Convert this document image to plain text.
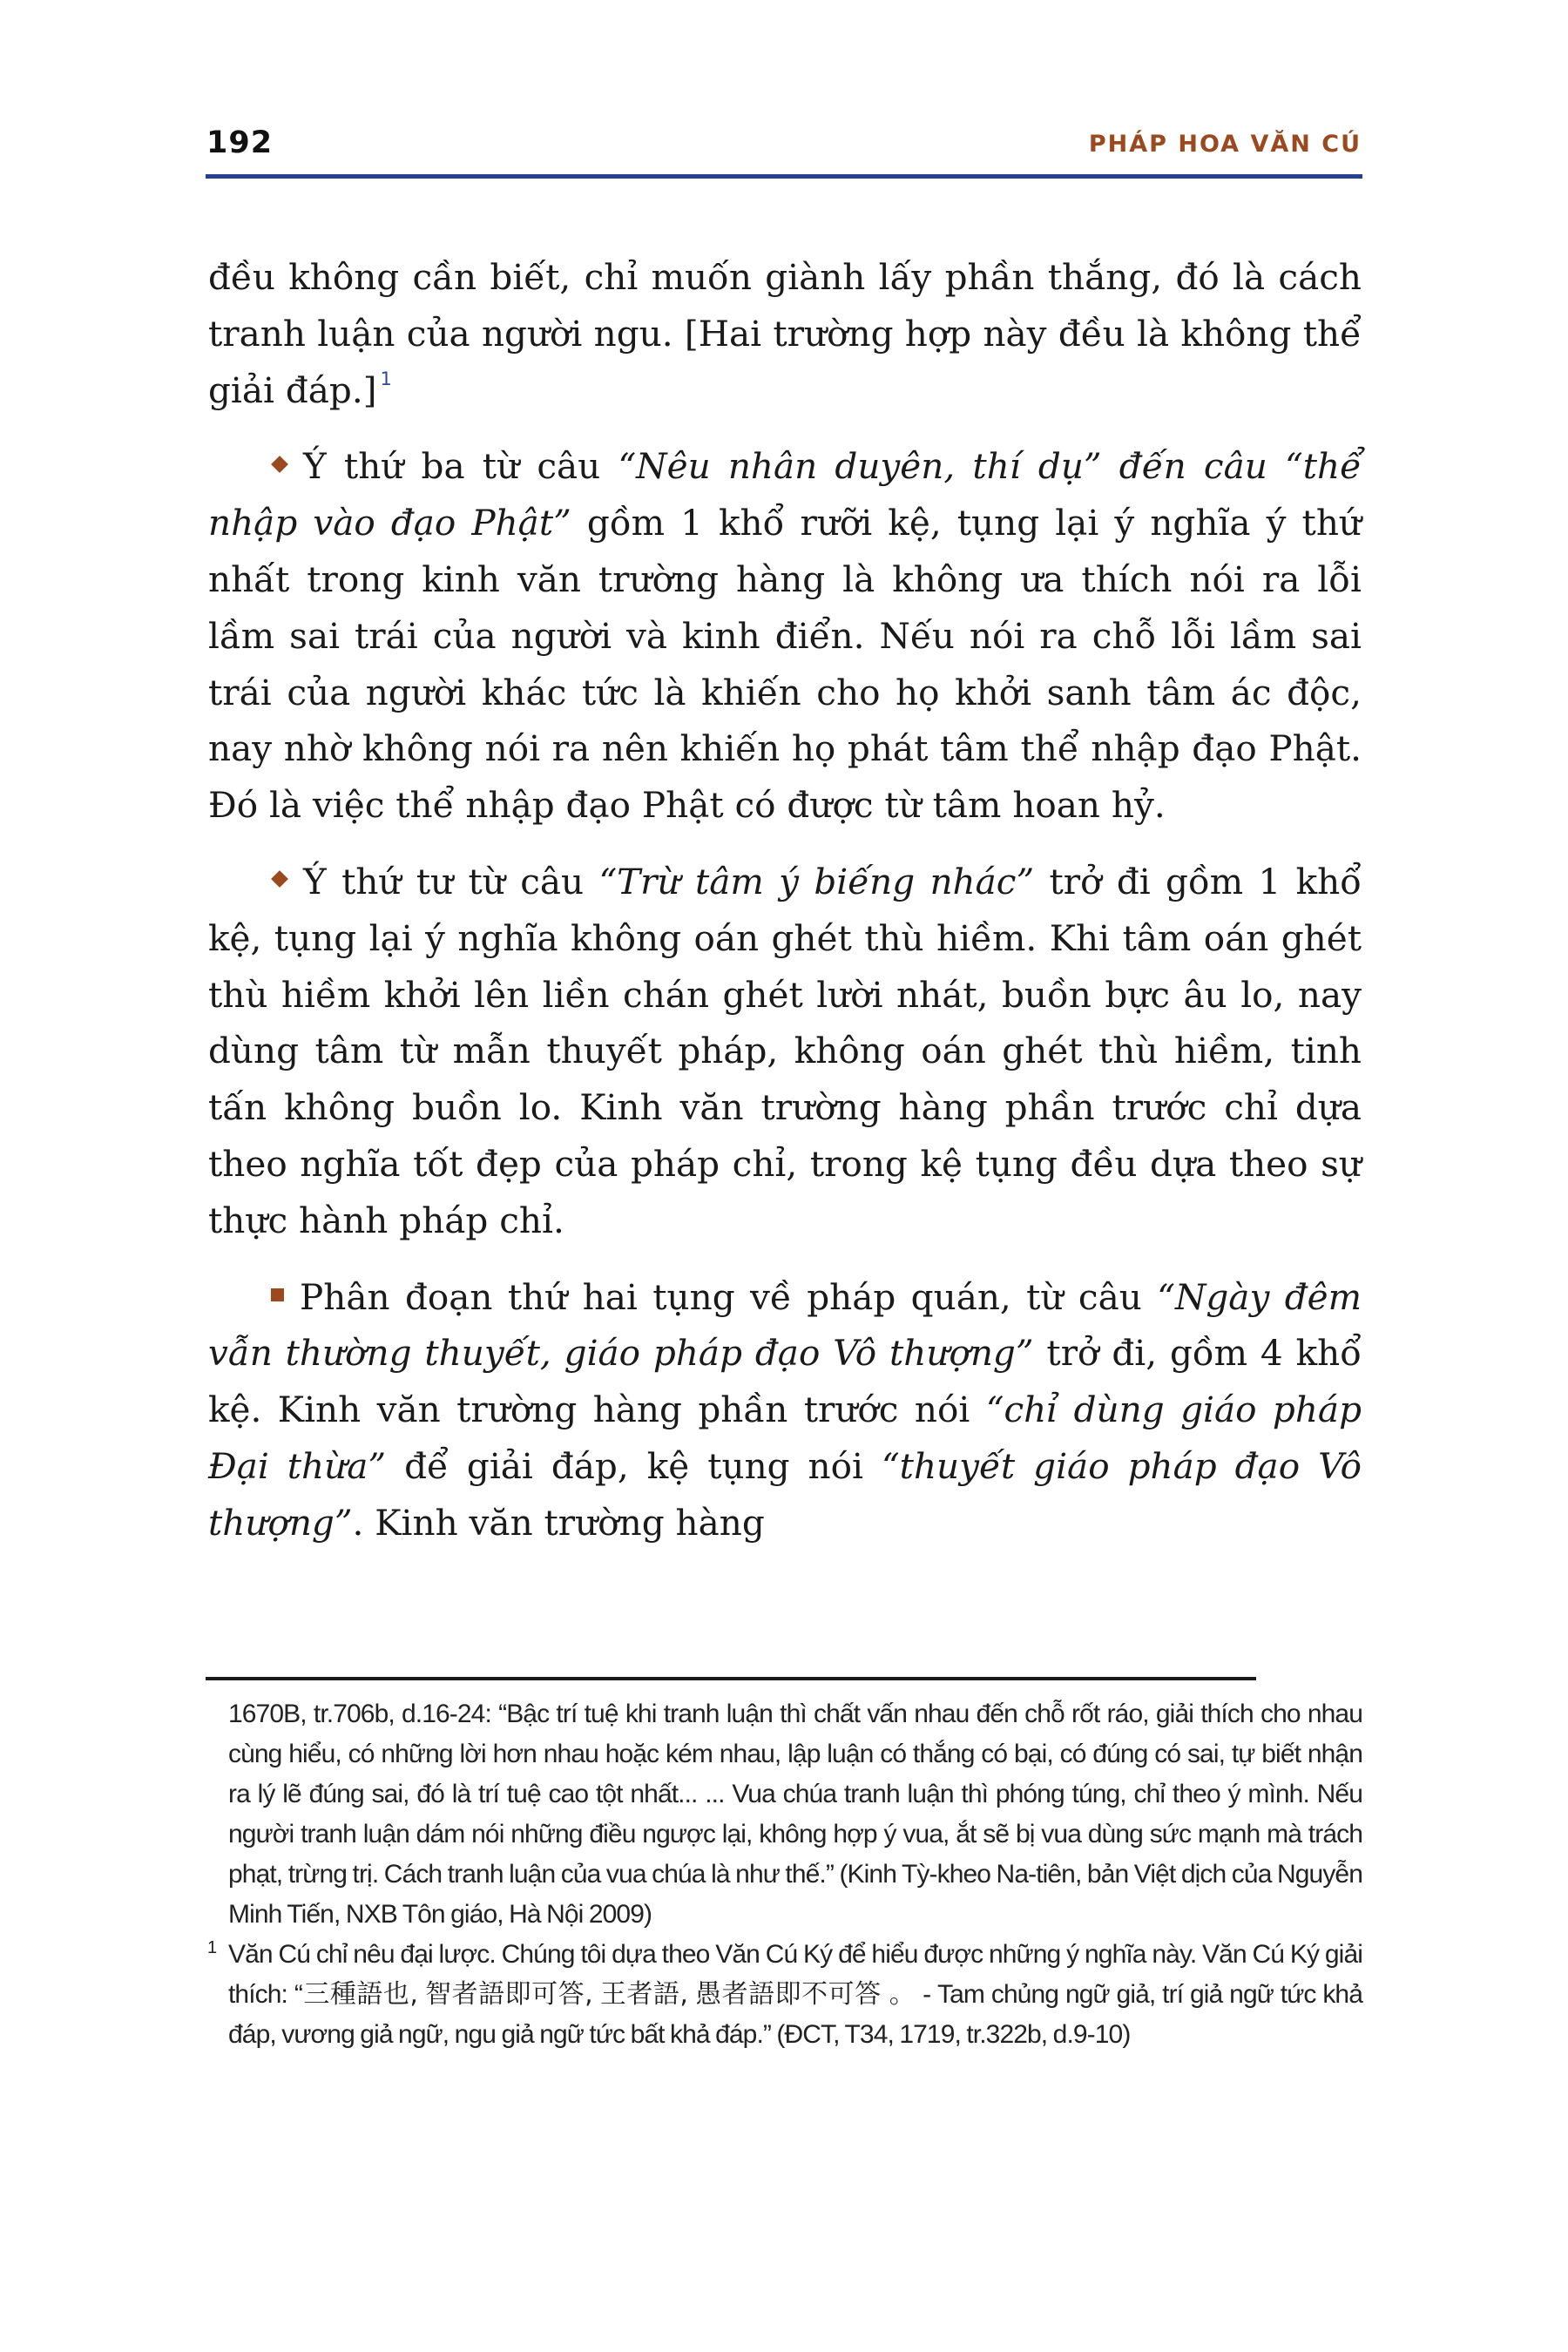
192	PHÁP HOA VĂN CÚ

đều không cần biết, chỉ muốn giành lấy phần thắng, đó là cách tranh luận của người ngu. [Hai trường hợp này đều là không thể giải đáp.] $^1$

Ý thứ ba từ câu “Nêu nhân duyên, thí dụ” đến câu “thể nhập vào đạo Phật” gồm 1 khổ rưỡi kệ, tụng lại ý nghĩa ý thứ nhất trong kinh văn trường hàng là không ưa thích nói ra lỗi lầm sai trái của người và kinh điển. Nếu nói ra chỗ lỗi lầm sai trái của người khác tức là khiến cho họ khởi sanh tâm ác độc, nay nhờ không nói ra nên khiến họ phát tâm thể nhập đạo Phật. Đó là việc thể nhập đạo Phật có được từ tâm hoan hỷ.

Ý thứ tư từ câu “Trừ tâm ý biếng nhác” trở đi gồm 1 khổ kệ, tụng lại ý nghĩa không oán ghét thù hiềm. Khi tâm oán ghét thù hiềm khởi lên liền chán ghét lười nhát, buồn bực âu lo, nay dùng tâm từ mẫn thuyết pháp, không oán ghét thù hiềm, tinh tấn không buồn lo. Kinh văn trường hàng phần trước chỉ dựa theo nghĩa tốt đẹp của pháp chỉ, trong kệ tụng đều dựa theo sự thực hành pháp chỉ.

Phân đoạn thứ hai tụng về pháp quán, từ câu “Ngày đêm vẫn thường thuyết, giáo pháp đạo Vô thượng” trở đi, gồm 4 khổ kệ. Kinh văn trường hàng phần trước nói “chỉ dùng giáo pháp Đại thừa” để giải đáp, kệ tụng nói “thuyết giáo pháp đạo Vô thượng”. Kinh văn trường hàng

1670B, tr.706b, d.16-24: “Bậc trí tuệ khi tranh luận thì chất vấn nhau đến chỗ rốt ráo, giải thích cho nhau cùng hiểu, có những lời hơn nhau hoặc kém nhau, lập luận có thắng có bại, có đúng có sai, tự biết nhận ra lý lẽ đúng sai, đó là trí tuệ cao tột nhất... ... Vua chúa tranh luận thì phóng túng, chỉ theo ý mình. Nếu người tranh luận dám nói những điều ngược lại, không hợp ý vua, ắt sẽ bị vua dùng sức mạnh mà trách phạt, trừng trị. Cách tranh luận của vua chúa là như thế.” (Kinh Tỳ-kheo Na-tiên, bản Việt dịch của Nguyễn Minh Tiến, NXB Tôn giáo, Hà Nội 2009)

1 Văn Cú chỉ nêu đại lược. Chúng tôi dựa theo Văn Cú Ký để hiểu được những ý nghĩa này. Văn Cú Ký giải thích: “三種語也, 智者語即可答, 王者語, 愚者語即不可答 。 - Tam chủng ngữ giả, trí giả ngữ tức khả đáp, vương giả ngữ, ngu giả ngữ tức bất khả đáp.” (ĐCT, T34, 1719, tr.322b, d.9-10)
